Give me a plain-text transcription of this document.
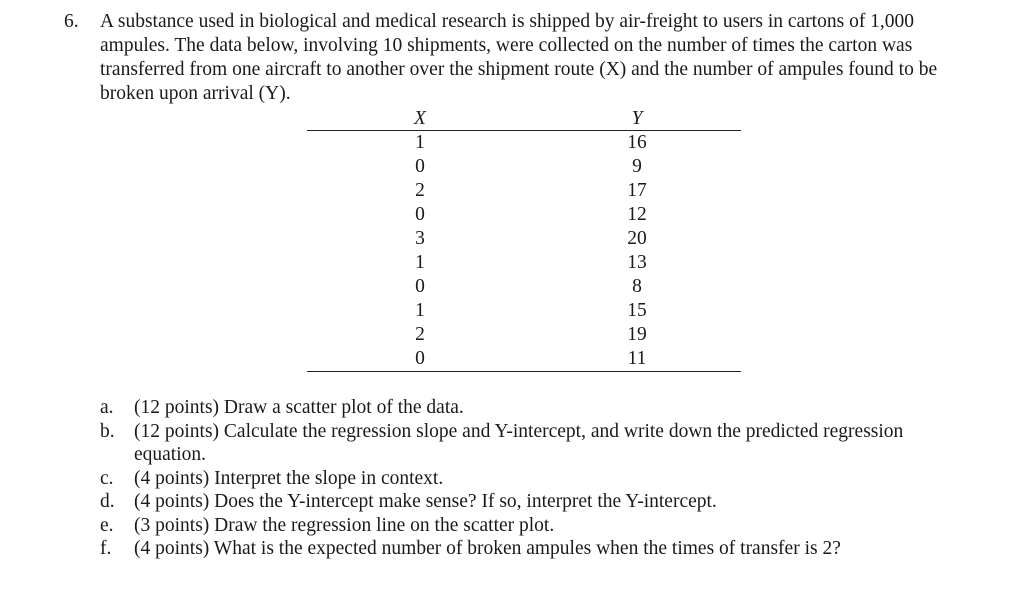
6.	A substance used in biological and medical research is shipped by air-freight to users in cartons of 1,000 ampules. The data below, involving 10 shipments, were collected on the number of times the carton was transferred from one aircraft to another over the shipment route (X) and the number of ampules found to be broken upon arrival (Y).
X	Y
1	16
0	9
2	17
0	12
3	20
1	13
0	8
1	15
2	19
0	11
a.	(12 points) Draw a scatter plot of the data.
b. (12 points) Calculate the regression slope and Y-intercept, and write down the predicted regression equation.
c.	(4 points) Interpret the slope in context.
d. (4 points) Does the Y-intercept make sense? If so, interpret the Y-intercept.
e.	(3 points) Draw the regression line on the scatter plot.
f.	(4 points) What is the expected number of broken ampules when the times of transfer is 2?
